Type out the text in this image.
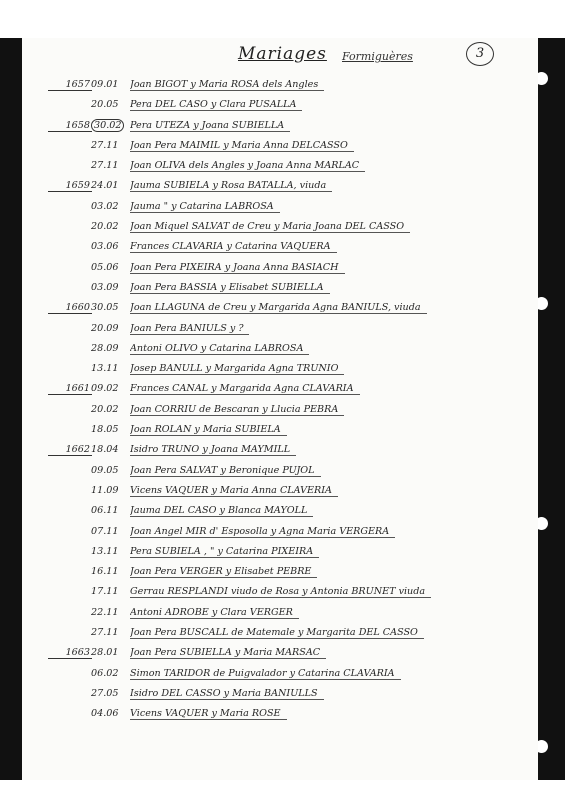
Mariages Formiguères	3
1657 09.01	Joan BIGOT y Maria ROSA dels Angles
20.05	Pera DEL CASO y Clara PUSALLA
1658 30.02 Pera UTEZA y Joana SUBIELLA
27.11	Joan Pera MAIMIL y Maria Anna DELCASSO
27.11	Joan OLIVA dels Angles y Joana Anna MARLAC
1659 24.01	Jauma SUBIELA y Rosa BATALLA, viuda
03.02	Jauma " y Catarina LABROSA
20.02	Joan Miquel SALVAT de Creu y Maria Joana DEL CASSO
03.06	Frances CLAVARIA y Catarina VAQUERA
05.06	Joan Pera PIXEIRA y Joana Anna BASIACH
03.09	Joan Pera BASSIA y Elisabet SUBIELLA
1660 30.05	Joan LLAGUNA de Creu y Margarida Agna BANIULS, viuda
20.09	Joan Pera BANIULS y ?
28.09	Antoni OLIVO y Catarina LABROSA
13.11	Josep BANULL y Margarida Agna TRUNIO
1661 09.02	Frances CANAL y Margarida Agna CLAVARIA
20.02	Joan CORRIU de Bescaran y Llucia PEBRA
18.05	Joan ROLAN y Maria SUBIELA
1662 18.04	Isidro TRUNO y Joana MAYMILL
09.05	Joan Pera SALVAT y Beronique PUJOL
11.09	Vicens VAQUER y Maria Anna CLAVERIA
06.11	Jauma DEL CASO y Blanca MAYOLL
07.11	Joan Angel MIR d' Esposolla y Agna Maria VERGERA
13.11	Pera SUBIELA , " y Catarina PIXEIRA
16.11	Joan Pera VERGER y Elisabet PEBRE
17.11	Gerrau RESPLANDI viudo de Rosa y Antonia BRUNET viuda
22.11	Antoni ADROBE y Clara VERGER
27.11	Joan Pera BUSCALL de Matemale y Margarita DEL CASSO
1663 28.01	Joan Pera SUBIELLA y Maria MARSAC
06.02	Simon TARIDOR de Puigvalador y Catarina CLAVARIA
27.05	Isidro DEL CASSO y Maria BANIULLS
04.06	Vicens VAQUER y Maria ROSE
